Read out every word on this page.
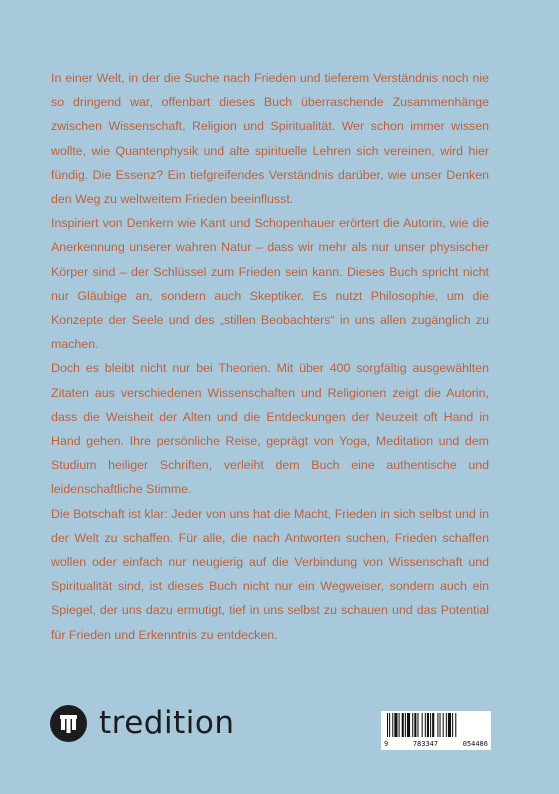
In einer Welt, in der die Suche nach Frieden und tieferem Verständnis noch nie so dringend war, offenbart dieses Buch überraschende Zusammenhänge zwischen Wissenschaft, Religion und Spiritualität. Wer schon immer wissen wollte, wie Quantenphysik und alte spirituelle Lehren sich vereinen, wird hier fündig. Die Essenz? Ein tiefgreifendes Verständnis darüber, wie unser Denken den Weg zu weltweitem Frieden beeinflusst.

Inspiriert von Denkern wie Kant und Schopenhauer erörtert die Autorin, wie die Anerkennung unserer wahren Natur – dass wir mehr als nur unser physischer Körper sind – der Schlüssel zum Frieden sein kann. Dieses Buch spricht nicht nur Gläubige an, sondern auch Skeptiker. Es nutzt Philosophie, um die Konzepte der Seele und des „stillen Beobachters“ in uns allen zugänglich zu machen.

Doch es bleibt nicht nur bei Theorien. Mit über 400 sorgfältig ausgewählten Zitaten aus verschiedenen Wissenschaften und Religionen zeigt die Autorin, dass die Weisheit der Alten und die Entdeckungen der Neuzeit oft Hand in Hand gehen. Ihre persönliche Reise, geprägt von Yoga, Meditation und dem Studium heiliger Schriften, verleiht dem Buch eine authentische und leidenschaftliche Stimme.

Die Botschaft ist klar: Jeder von uns hat die Macht, Frieden in sich selbst und in der Welt zu schaffen. Für alle, die nach Antworten suchen, Frieden schaffen wollen oder einfach nur neugierig auf die Verbindung von Wissenschaft und Spiritualität sind, ist dieses Buch nicht nur ein Wegweiser, sondern auch ein Spiegel, der uns dazu ermutigt, tief in uns selbst zu schauen und das Potential für Frieden und Erkenntnis zu entdecken.

tredition
9	783347	054486
